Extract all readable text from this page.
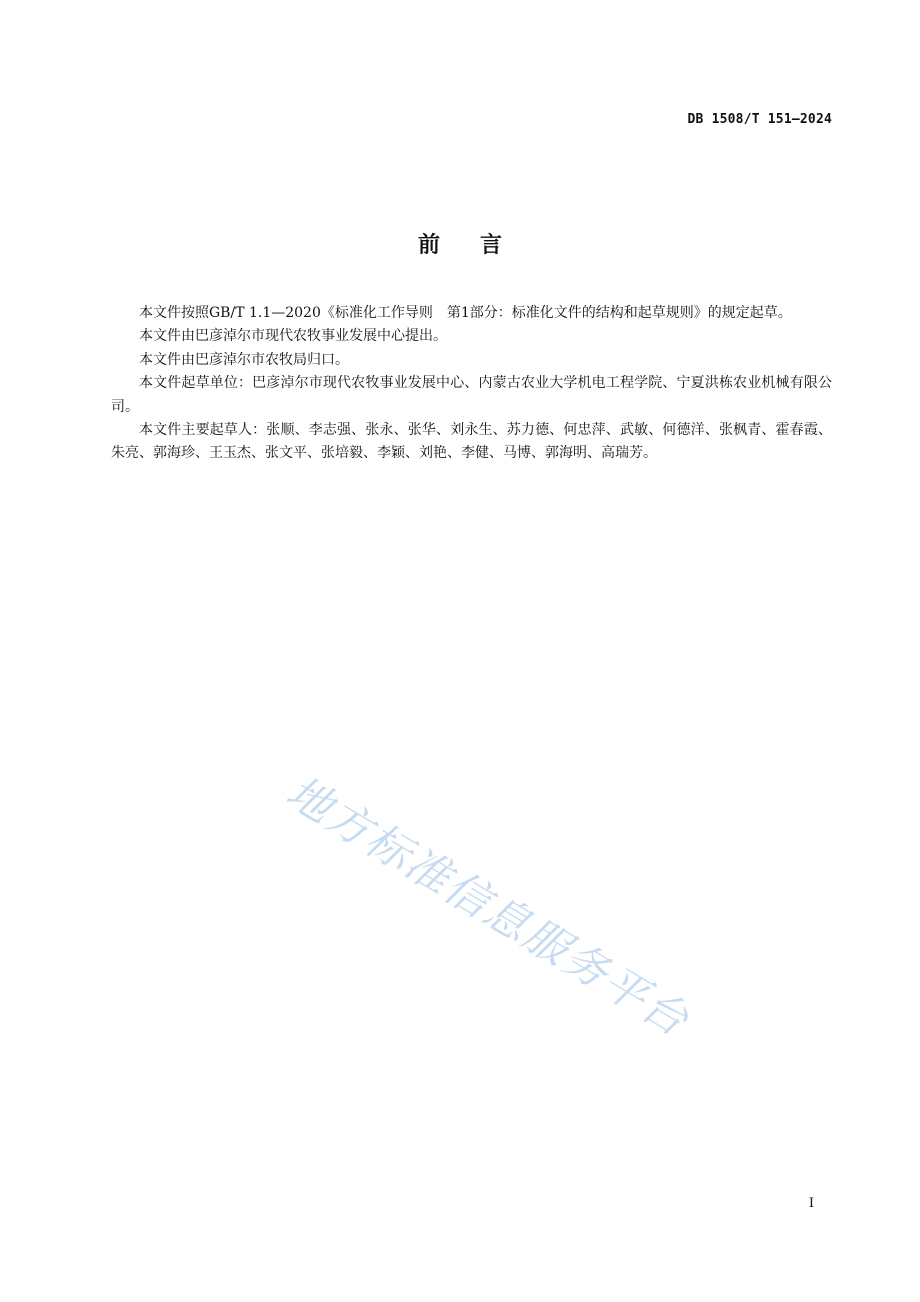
DB 1508/T 151—2024
前言

本文件按照GB/T 1.1—2020《标准化工作导则　第1部分：标准化文件的结构和起草规则》的规定起草。

本文件由巴彦淖尔市现代农牧事业发展中心提出。

本文件由巴彦淖尔市农牧局归口。

本文件起草单位：巴彦淖尔市现代农牧事业发展中心、内蒙古农业大学机电工程学院、宁夏洪栋农业机械有限公司。

本文件主要起草人：张顺、李志强、张永、张华、刘永生、苏力德、何忠萍、武敏、何德洋、张枫青、霍春霞、朱亮、郭海珍、王玉杰、张文平、张培毅、李颖、刘艳、李健、马博、郭海明、高瑞芳。

地方标准信息服务平台
I
